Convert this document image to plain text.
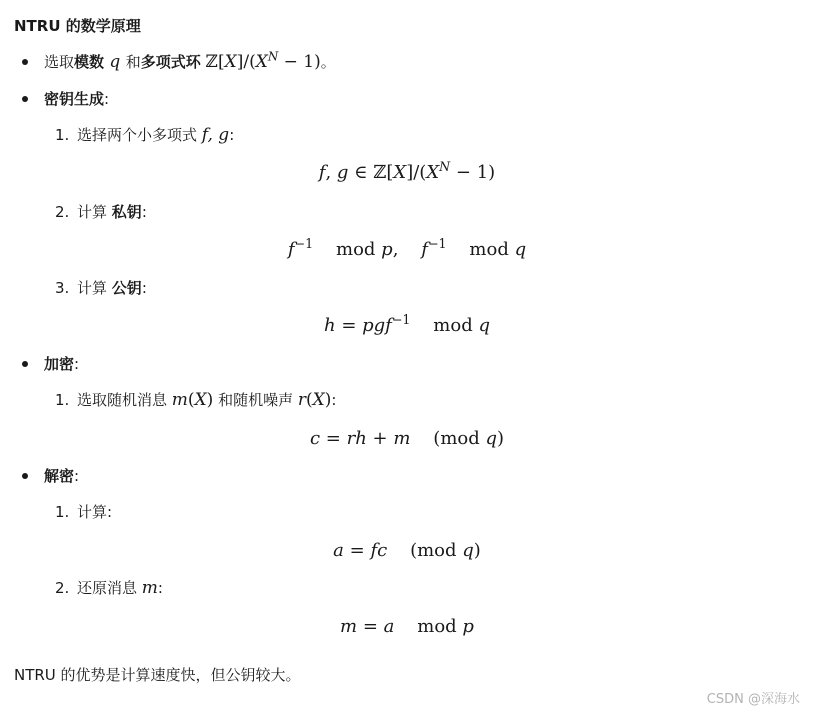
NTRU 的数学原理
选取模数 q 和多项式环 $ℤ[X]/(X^N - 1)$。
密钥生成:
1. 选择两个小多项式 f, g:
f, g ∈ $ℤ[X]/(X^N - 1)$
2. 计算 私钥:
$f^{-1}$    mod p,    $f^{-1}$    mod q
3. 计算 公钥:
h = pgf$^{-1}$    mod q
加密:
1. 选取随机消息 m(X) 和随机噪声 r(X):
c = rh + m    (mod q)
解密:
1. 计算:
a = fc    (mod q)
2. 还原消息 m:
m = a    mod p
NTRU 的优势是计算速度快，但公钥较大。
CSDN @深海水
